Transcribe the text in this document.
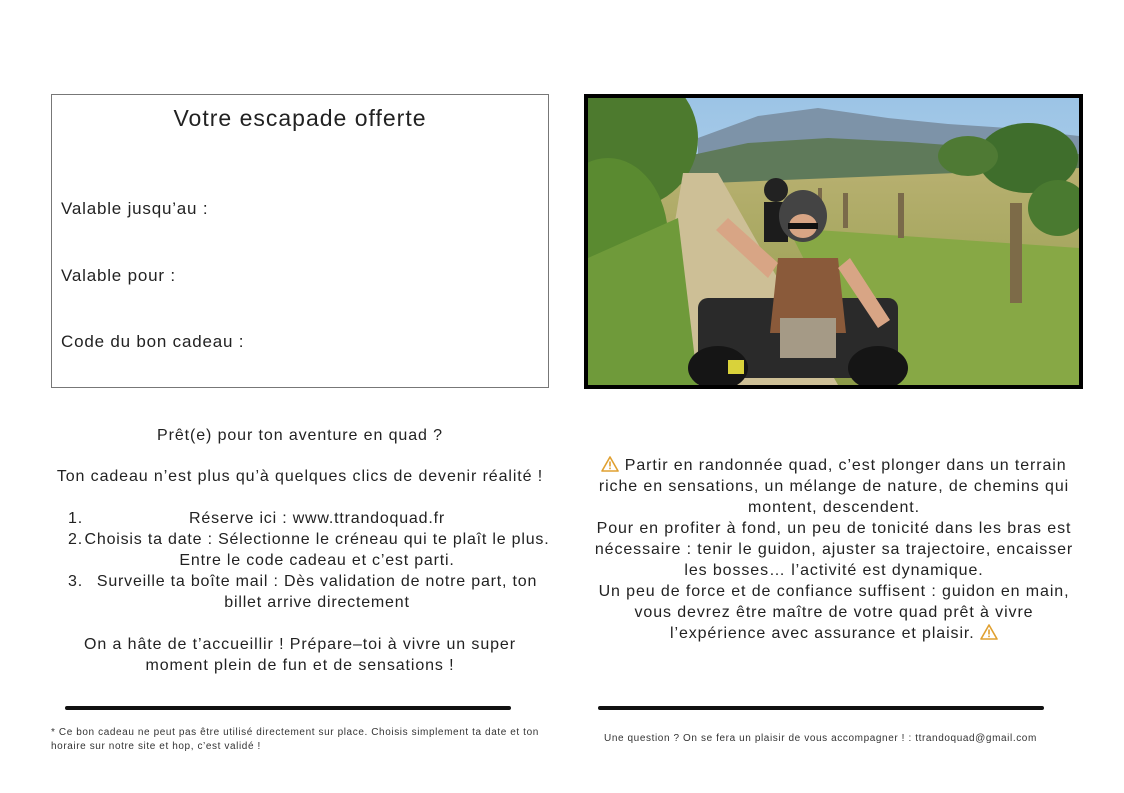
Votre escapade offerte
Valable jusqu’au :
Valable pour :
Code du bon cadeau :
Prêt(e) pour ton aventure en quad ?
Ton cadeau n’est plus qu’à quelques clics de devenir réalité !
1.	Réserve ici : www.ttrandoquad.fr
2. Choisis ta date : Sélectionne le créneau qui te plaît le plus. Entre le code cadeau et c’est parti.
3. Surveille ta boîte mail : Dès validation de notre part, ton billet arrive directement
On a hâte de t’accueillir ! Prépare–toi à vivre un super moment plein de fun et de sensations !
Partir en randonnée quad, c’est plonger dans un terrain riche en sensations, un mélange de nature, de chemins qui montent, descendent.
Pour en profiter à fond, un peu de tonicité dans les bras est nécessaire : tenir le guidon, ajuster sa trajectoire, encaisser les bosses… l’activité est dynamique.
Un peu de force et de confiance suffisent : guidon en main, vous devrez être maître de votre quad prêt à vivre l’expérience avec assurance et plaisir.
* Ce bon cadeau ne peut pas être utilisé directement sur place. Choisis simplement ta date et ton horaire sur notre site et hop, c’est validé !
Une question ? On se fera un plaisir de vous accompagner ! : ttrandoquad@gmail.com
